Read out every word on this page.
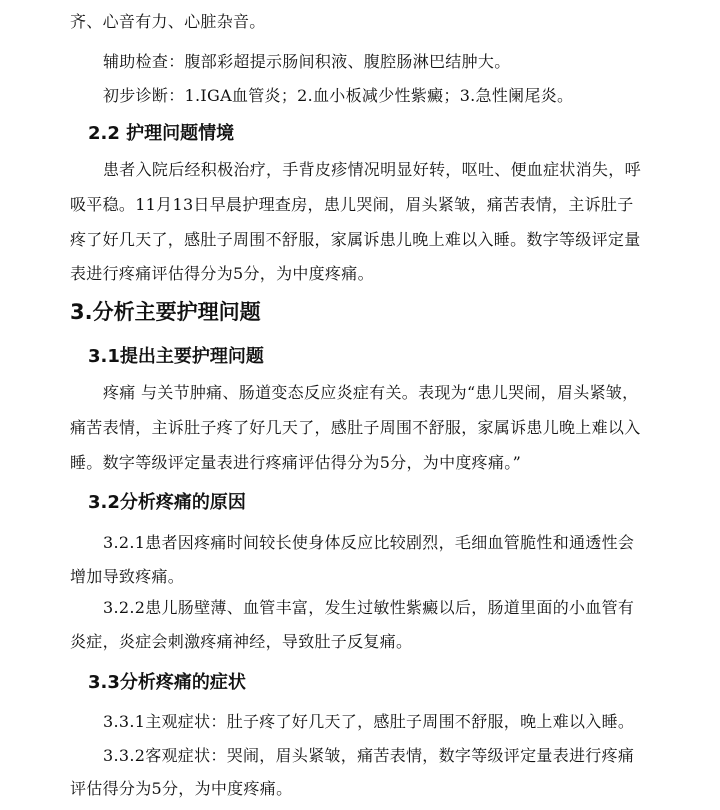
齐、心音有力、心脏杂音。
辅助检查：腹部彩超提示肠间积液、腹腔肠淋巴结肿大。
初步诊断：1.IGA血管炎；2.血小板减少性紫癜；3.急性阑尾炎。
2.2 护理问题情境
患者入院后经积极治疗，手背皮疹情况明显好转，呕吐、便血症状消失，呼
吸平稳。11月13日早晨护理查房，患儿哭闹，眉头紧皱，痛苦表情，主诉肚子
疼了好几天了，感肚子周围不舒服，家属诉患儿晚上难以入睡。数字等级评定量
表进行疼痛评估得分为5分，为中度疼痛。
3.分析主要护理问题
3.1提出主要护理问题
疼痛 与关节肿痛、肠道变态反应炎症有关。表现为“患儿哭闹，眉头紧皱，
痛苦表情，主诉肚子疼了好几天了，感肚子周围不舒服，家属诉患儿晚上难以入
睡。数字等级评定量表进行疼痛评估得分为5分，为中度疼痛。”
3.2分析疼痛的原因
3.2.1患者因疼痛时间较长使身体反应比较剧烈，毛细血管脆性和通透性会
增加导致疼痛。
3.2.2患儿肠壁薄、血管丰富，发生过敏性紫癜以后，肠道里面的小血管有
炎症，炎症会刺激疼痛神经，导致肚子反复痛。
3.3分析疼痛的症状
3.3.1主观症状：肚子疼了好几天了，感肚子周围不舒服，晚上难以入睡。
3.3.2客观症状：哭闹，眉头紧皱，痛苦表情，数字等级评定量表进行疼痛
评估得分为5分，为中度疼痛。
